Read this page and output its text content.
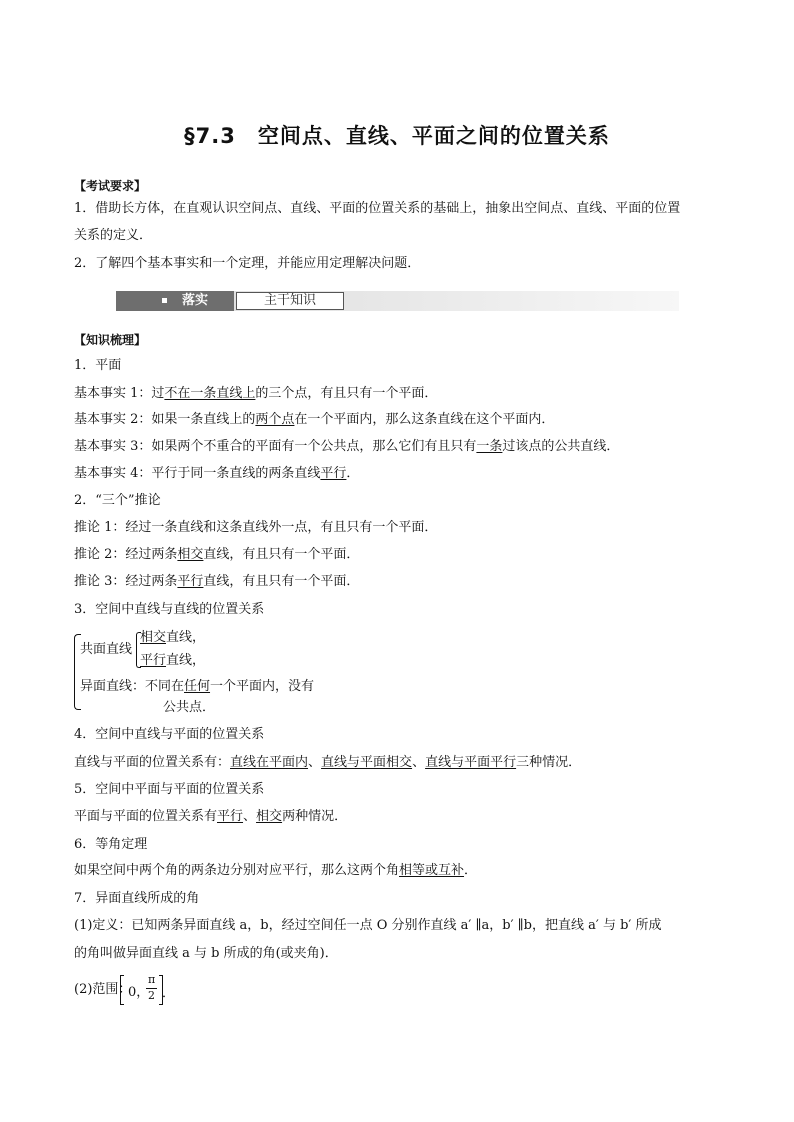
§7.3　空间点、直线、平面之间的位置关系
【考试要求】
1．借助长方体，在直观认识空间点、直线、平面的位置关系的基础上，抽象出空间点、直线、平面的位置
关系的定义．
2．了解四个基本事实和一个定理，并能应用定理解决问题．
落实	主干知识
【知识梳理】
1．平面
基本事实 1：过不在一条直线上的三个点，有且只有一个平面．
基本事实 2：如果一条直线上的两个点在一个平面内，那么这条直线在这个平面内．
基本事实 3：如果两个不重合的平面有一个公共点，那么它们有且只有一条过该点的公共直线．
基本事实 4：平行于同一条直线的两条直线平行．
2．“三个”推论
推论 1：经过一条直线和这条直线外一点，有且只有一个平面．
推论 2：经过两条相交直线，有且只有一个平面．
推论 3：经过两条平行直线，有且只有一个平面．
3．空间中直线与直线的位置关系
共面直线
相交直线，
平行直线，
异面直线：不同在任何一个平面内，没有
公共点．
4．空间中直线与平面的位置关系
直线与平面的位置关系有：直线在平面内、直线与平面相交、直线与平面平行三种情况．
5．空间中平面与平面的位置关系
平面与平面的位置关系有平行、相交两种情况．
6．等角定理
如果空间中两个角的两条边分别对应平行，那么这两个角相等或互补．
7．异面直线所成的角
(1)定义：已知两条异面直线 a，b，经过空间任一点 O 分别作直线 a′ ∥a，b′ ∥b，把直线 a′ 与 b′ 所成
的角叫做异面直线 a 与 b 所成的角(或夹角)．
(2)范围：
0，
π
2 ．
